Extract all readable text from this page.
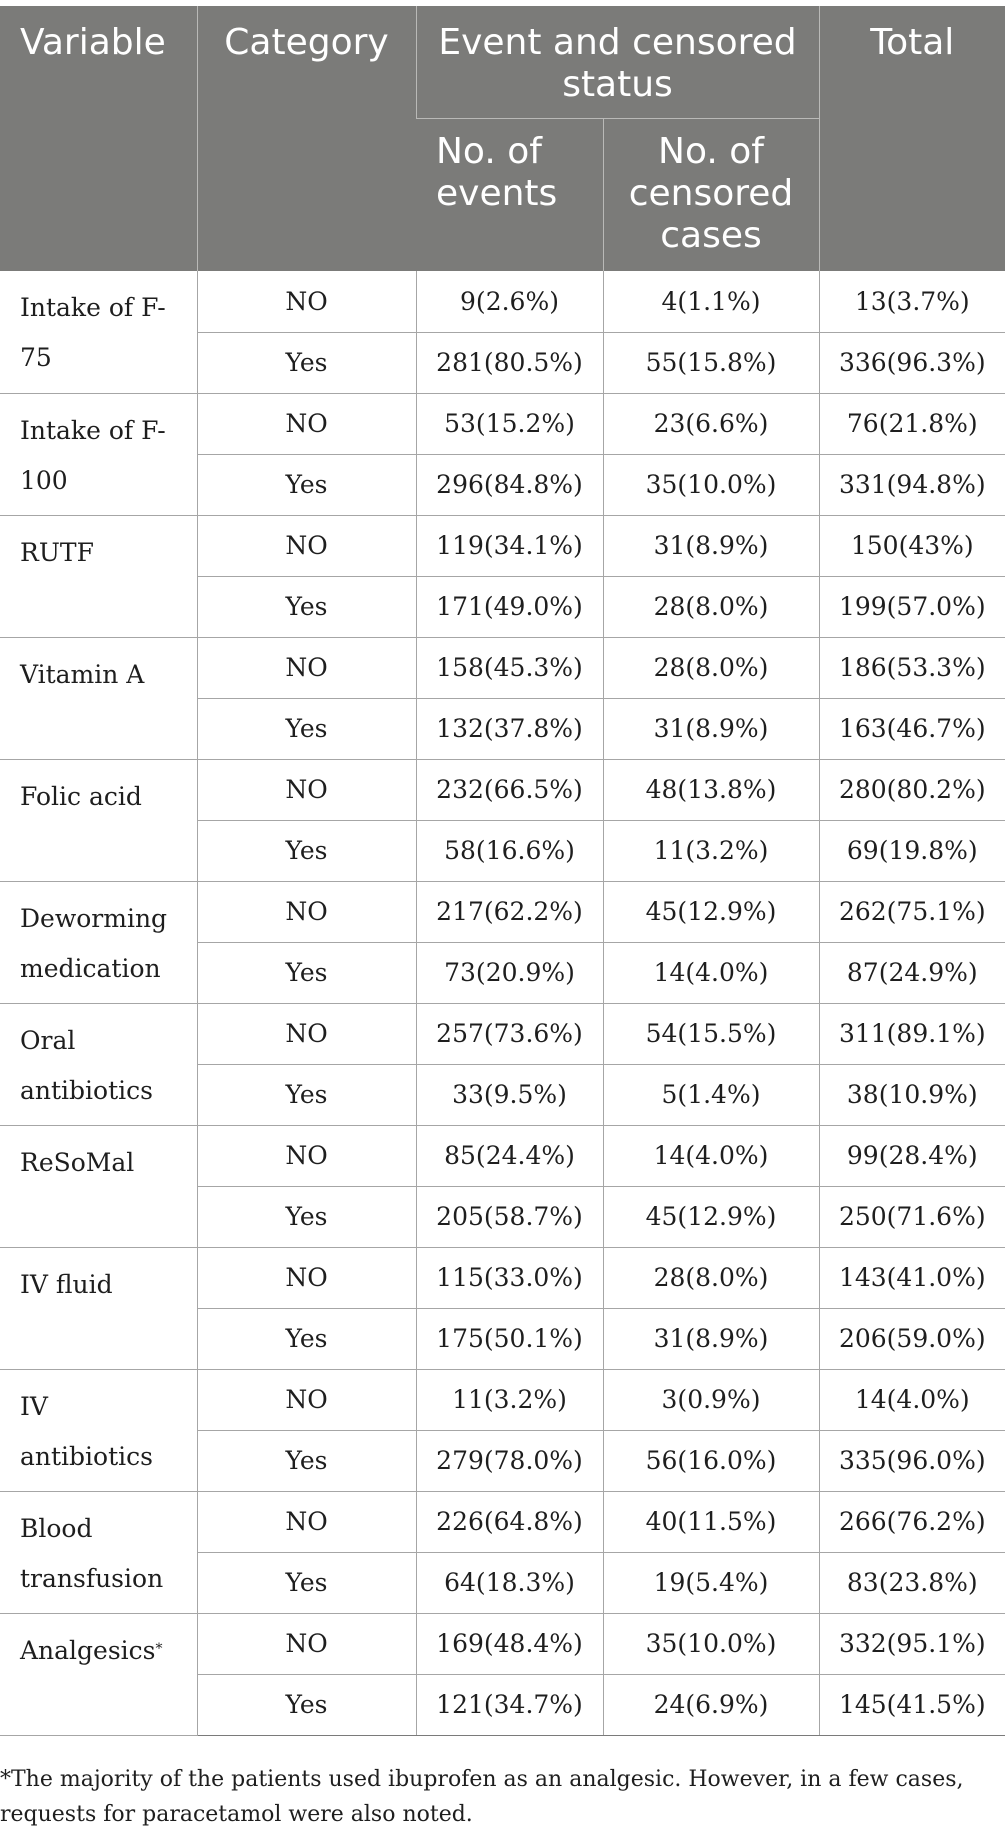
Variable	Category	Event and censored status		Total
		No. of events	No. of censored cases	
Intake of F-75	NO	9(2.6%)	4(1.1%)	13(3.7%)
	Yes	281(80.5%)	55(15.8%)	336(96.3%)
Intake of F-100	NO	53(15.2%)	23(6.6%)	76(21.8%)
	Yes	296(84.8%)	35(10.0%)	331(94.8%)
RUTF	NO	119(34.1%)	31(8.9%)	150(43%)
	Yes	171(49.0%)	28(8.0%)	199(57.0%)
Vitamin A	NO	158(45.3%)	28(8.0%)	186(53.3%)
	Yes	132(37.8%)	31(8.9%)	163(46.7%)
Folic acid	NO	232(66.5%)	48(13.8%)	280(80.2%)
	Yes	58(16.6%)	11(3.2%)	69(19.8%)
Deworming medication	NO	217(62.2%)	45(12.9%)	262(75.1%)
	Yes	73(20.9%)	14(4.0%)	87(24.9%)
Oral antibiotics	NO	257(73.6%)	54(15.5%)	311(89.1%)
	Yes	33(9.5%)	5(1.4%)	38(10.9%)
ReSoMal	NO	85(24.4%)	14(4.0%)	99(28.4%)
	Yes	205(58.7%)	45(12.9%)	250(71.6%)
IV fluid	NO	115(33.0%)	28(8.0%)	143(41.0%)
	Yes	175(50.1%)	31(8.9%)	206(59.0%)
IV antibiotics	NO	11(3.2%)	3(0.9%)	14(4.0%)
	Yes	279(78.0%)	56(16.0%)	335(96.0%)
Blood transfusion	NO	226(64.8%)	40(11.5%)	266(76.2%)
	Yes	64(18.3%)	19(5.4%)	83(23.8%)
Analgesics*	NO	169(48.4%)	35(10.0%)	332(95.1%)
	Yes	121(34.7%)	24(6.9%)	145(41.5%)
*The majority of the patients used ibuprofen as an analgesic. However, in a few cases, requests for paracetamol were also noted.
